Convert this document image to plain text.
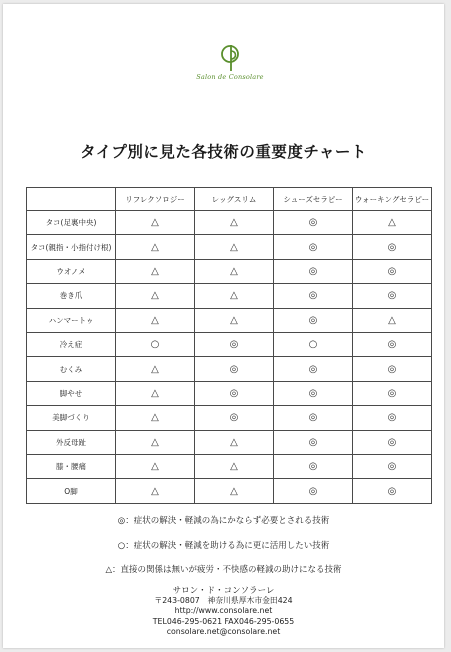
Salon de Consolare
タイプ別に見た各技術の重要度チャート
	リフレクソロジー	レッグスリム	シューズセラピー	ウォーキングセラピー
タコ(足裏中央)	△	△	◎	△
タコ(親指・小指付け根)	△	△	◎	◎
ウオノメ	△	△	◎	◎
巻き爪	△	△	◎	◎
ハンマートゥ	△	△	◎	△
冷え症	○	◎	○	◎
むくみ	△	◎	◎	◎
脚やせ	△	◎	◎	◎
美脚づくり	△	◎	◎	◎
外反母趾	△	△	◎	◎
膝・腰痛	△	△	◎	◎
O脚	△	△	◎	◎
◎：症状の解決・軽減の為にかならず必要とされる技術
○：症状の解決・軽減を助ける為に更に活用したい技術
△：直接の関係は無いが疲労・不快感の軽減の助けになる技術
サロン・ド・コンソラーレ
〒243-0807　神奈川県厚木市金田424
http://www.consolare.net
TEL046-295-0621 FAX046-295-0655
consolare.net@consolare.net
